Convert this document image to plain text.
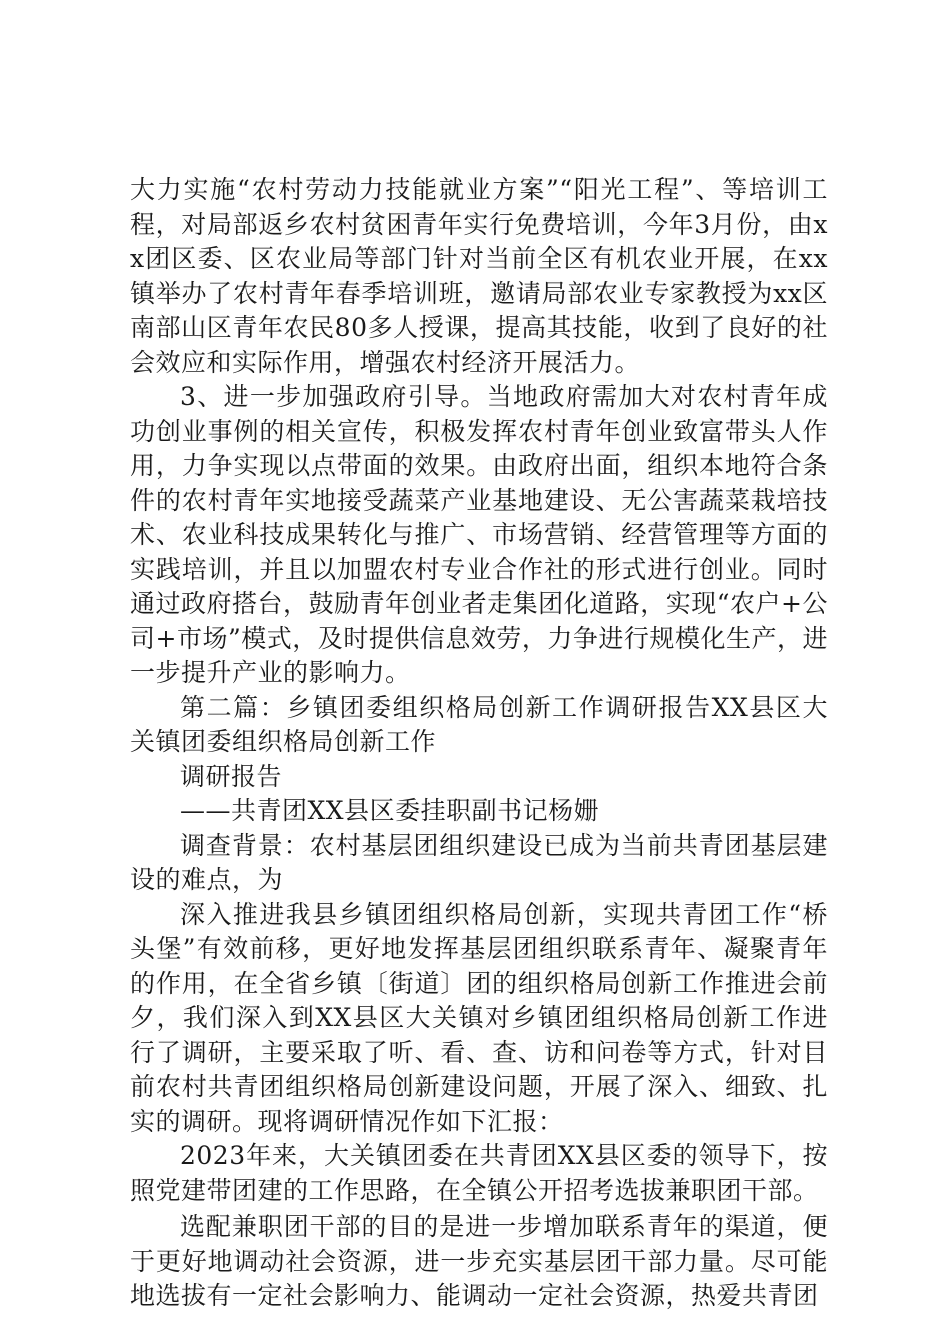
大力实施“农村劳动力技能就业方案”“阳光工程”、等培训工程，对局部返乡农村贫困青年实行免费培训，今年3月份，由xx团区委、区农业局等部门针对当前全区有机农业开展，在xx镇举办了农村青年春季培训班，邀请局部农业专家教授为xx区南部山区青年农民80多人授课，提高其技能，收到了良好的社会效应和实际作用，增强农村经济开展活力。

3、进一步加强政府引导。当地政府需加大对农村青年成功创业事例的相关宣传，积极发挥农村青年创业致富带头人作用，力争实现以点带面的效果。由政府出面，组织本地符合条件的农村青年实地接受蔬菜产业基地建设、无公害蔬菜栽培技术、农业科技成果转化与推广、市场营销、经营管理等方面的实践培训，并且以加盟农村专业合作社的形式进行创业。同时通过政府搭台，鼓励青年创业者走集团化道路，实现“农户+公司+市场”模式，及时提供信息效劳，力争进行规模化生产，进一步提升产业的影响力。

第二篇：乡镇团委组织格局创新工作调研报告XX县区大关镇团委组织格局创新工作

调研报告

——共青团XX县区委挂职副书记杨姗

调查背景：农村基层团组织建设已成为当前共青团基层建设的难点，为

深入推进我县乡镇团组织格局创新，实现共青团工作“桥头堡”有效前移，更好地发挥基层团组织联系青年、凝聚青年的作用，在全省乡镇〔街道〕团的组织格局创新工作推进会前夕，我们深入到XX县区大关镇对乡镇团组织格局创新工作进行了调研，主要采取了听、看、查、访和问卷等方式，针对目前农村共青团组织格局创新建设问题，开展了深入、细致、扎实的调研。现将调研情况作如下汇报：

2023年来，大关镇团委在共青团XX县区委的领导下，按照党建带团建的工作思路，在全镇公开招考选拔兼职团干部。

选配兼职团干部的目的是进一步增加联系青年的渠道，便于更好地调动社会资源，进一步充实基层团干部力量。尽可能地选拔有一定社会影响力、能调动一定社会资源，热爱共青团
